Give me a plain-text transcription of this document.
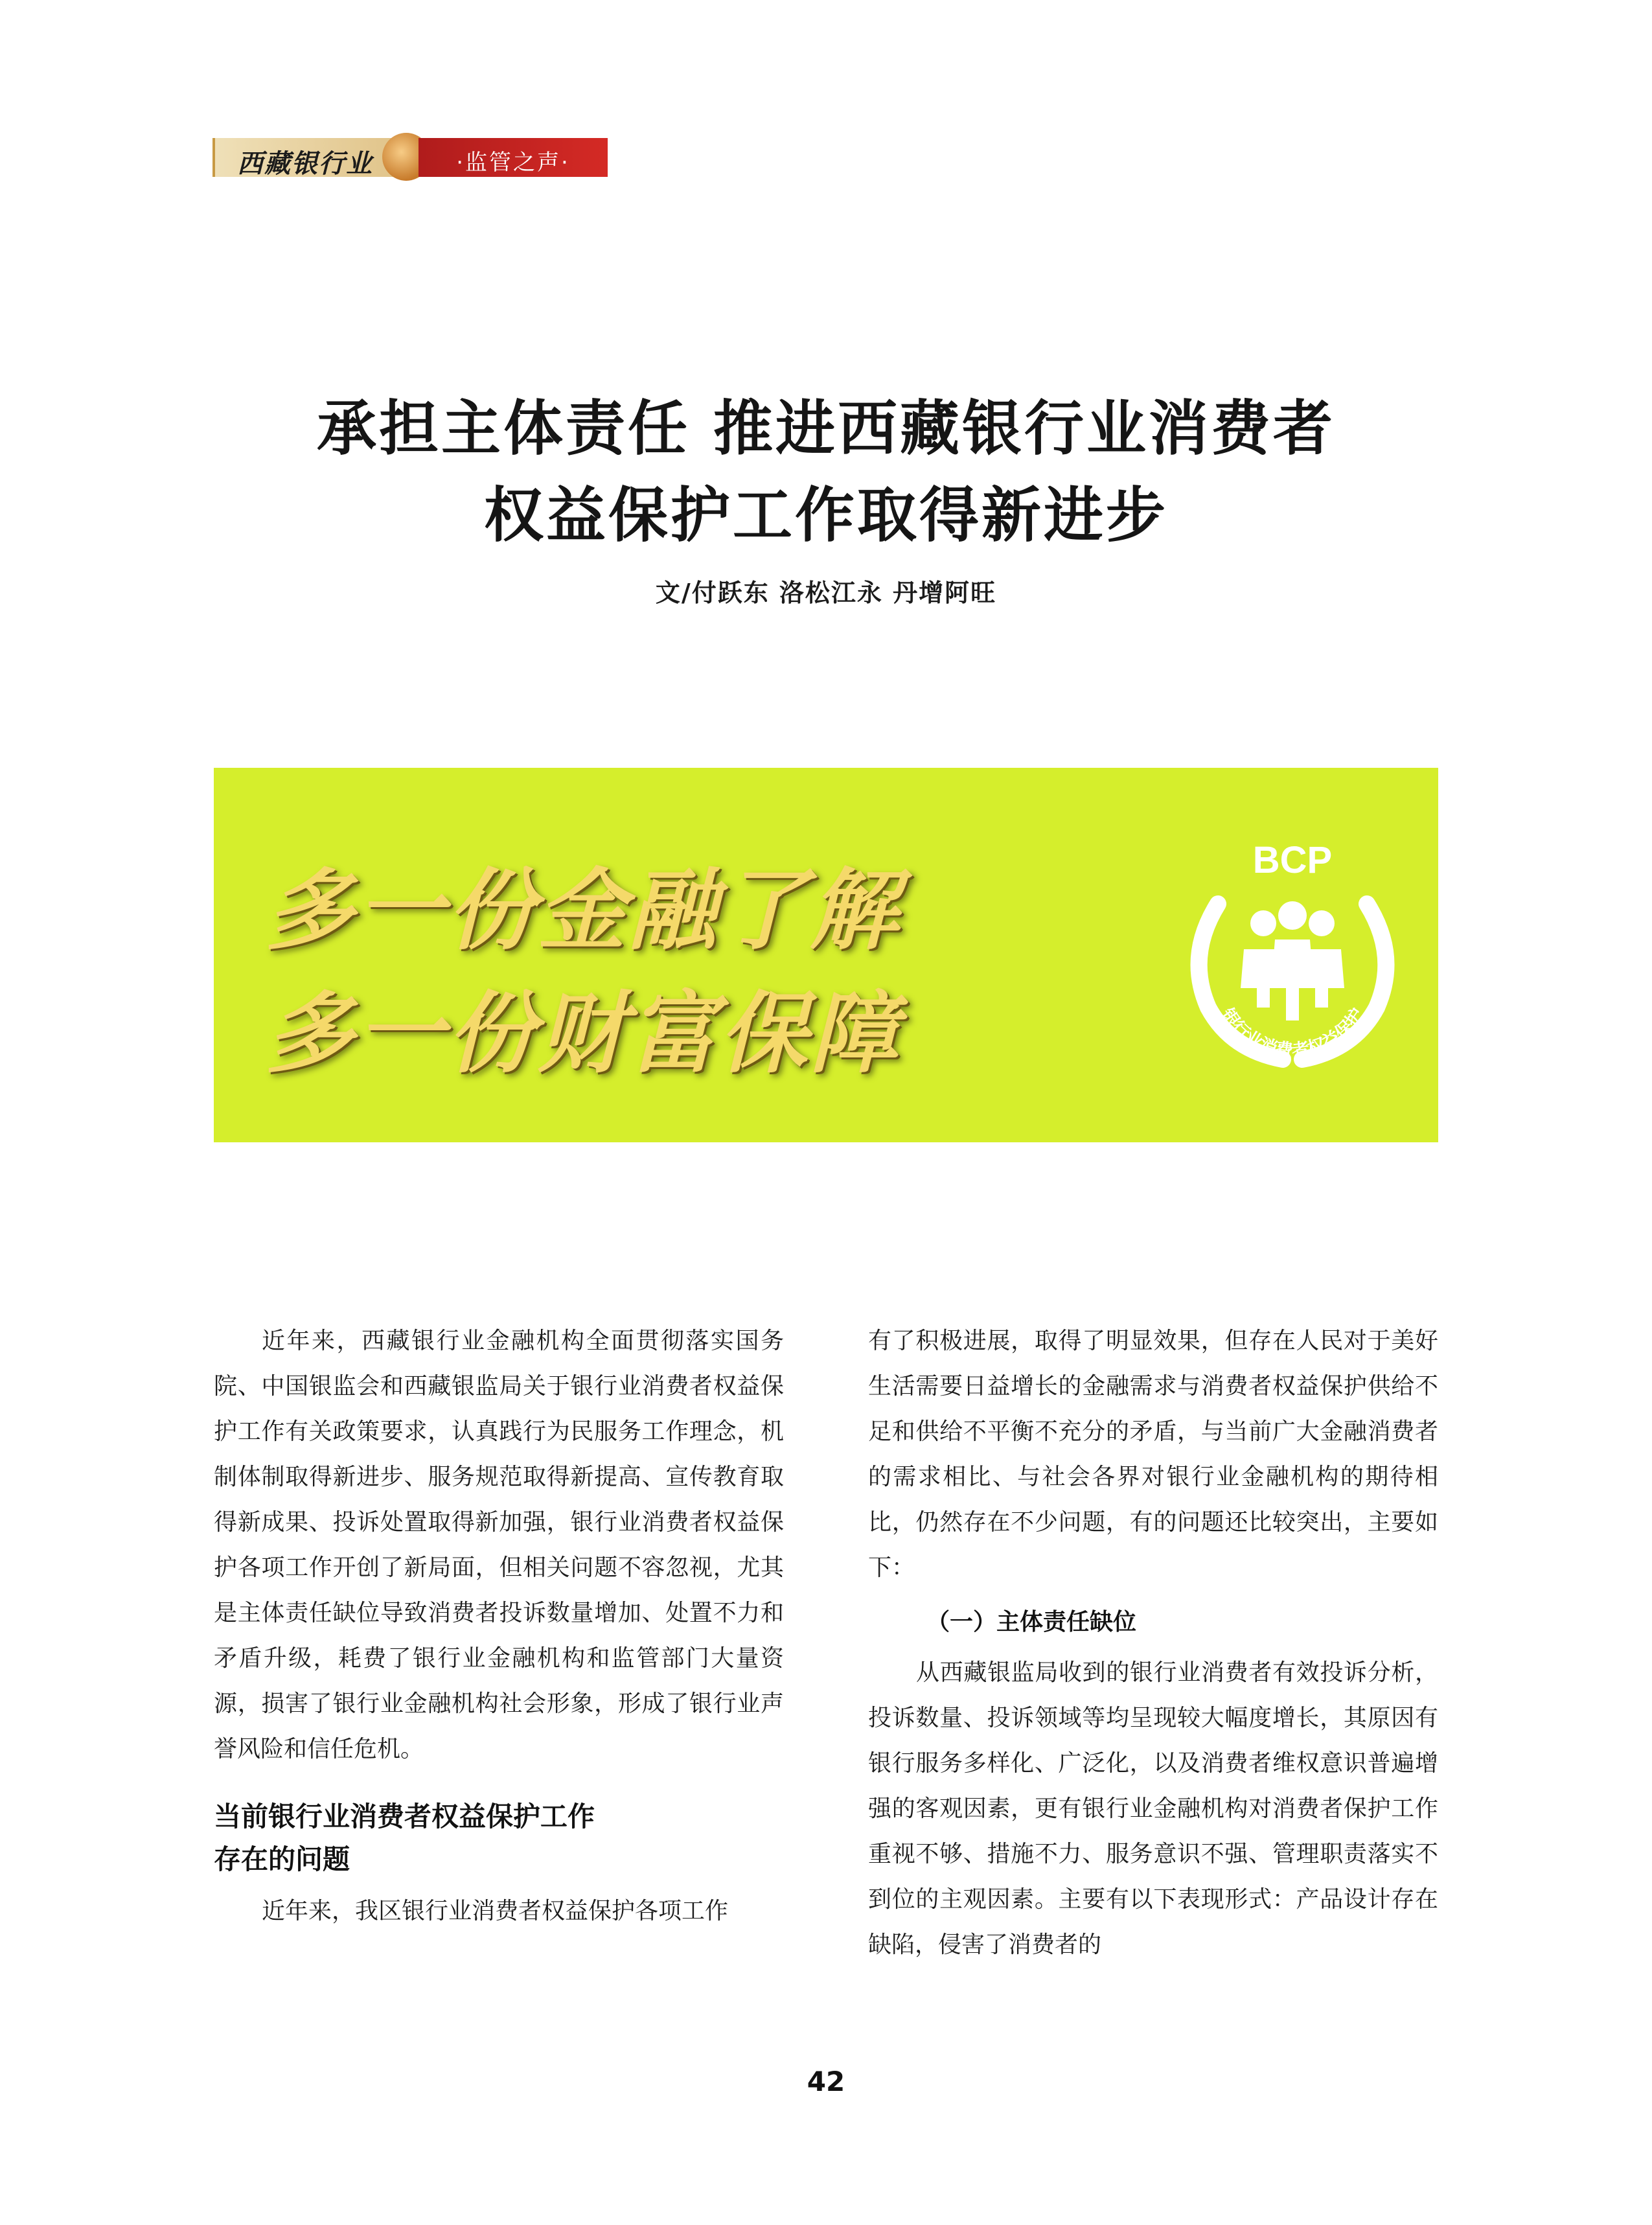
西藏银行业	·监管之声·
承担主体责任 推进西藏银行业消费者
权益保护工作取得新进步
文/付跃东 洛松江永 丹增阿旺
多一份金融了解
多一份财富保障
BCP
银行业消费者权益保护

近年来，西藏银行业金融机构全面贯彻落实国务院、中国银监会和西藏银监局关于银行业消费者权益保护工作有关政策要求，认真践行为民服务工作理念，机制体制取得新进步、服务规范取得新提高、宣传教育取得新成果、投诉处置取得新加强，银行业消费者权益保护各项工作开创了新局面，但相关问题不容忽视，尤其是主体责任缺位导致消费者投诉数量增加、处置不力和矛盾升级，耗费了银行业金融机构和监管部门大量资源，损害了银行业金融机构社会形象，形成了银行业声誉风险和信任危机。

当前银行业消费者权益保护工作
存在的问题

近年来，我区银行业消费者权益保护各项工作

有了积极进展，取得了明显效果，但存在人民对于美好生活需要日益增长的金融需求与消费者权益保护供给不足和供给不平衡不充分的矛盾，与当前广大金融消费者的需求相比、与社会各界对银行业金融机构的期待相比，仍然存在不少问题，有的问题还比较突出，主要如下：

（一）主体责任缺位

从西藏银监局收到的银行业消费者有效投诉分析，投诉数量、投诉领域等均呈现较大幅度增长，其原因有银行服务多样化、广泛化，以及消费者维权意识普遍增强的客观因素，更有银行业金融机构对消费者保护工作重视不够、措施不力、服务意识不强、管理职责落实不到位的主观因素。主要有以下表现形式：产品设计存在缺陷，侵害了消费者的

42
